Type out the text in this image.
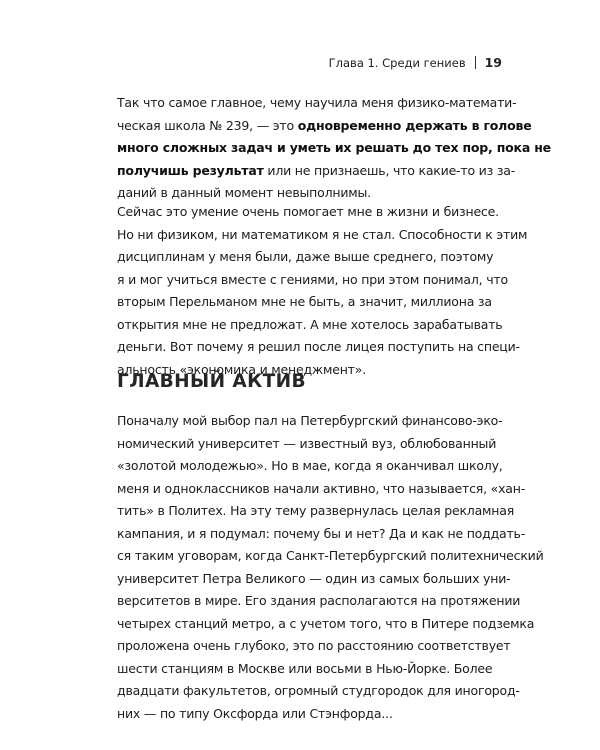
Глава 1. Среди гениев 19

Так что самое главное, чему научила меня физико-математи-
ческая школа № 239, — это одновременно держать в голове
много сложных задач и уметь их решать до тех пор, пока не
получишь результат или не признаешь, что какие-то из за-
даний в данный момент невыполнимы.

Сейчас это умение очень помогает мне в жизни и бизнесе.
Но ни физиком, ни математиком я не стал. Способности к этим
дисциплинам у меня были, даже выше среднего, поэтому
я и мог учиться вместе с гениями, но при этом понимал, что
вторым Перельманом мне не быть, а значит, миллиона за
открытия мне не предложат. А мне хотелось зарабатывать
деньги. Вот почему я решил после лицея поступить на специ-
альность «экономика и менеджмент».

ГЛАВНЫЙ АКТИВ

Поначалу мой выбор пал на Петербургский финансово-эко-
номический университет — известный вуз, облюбованный
«золотой молодежью». Но в мае, когда я оканчивал школу,
меня и одноклассников начали активно, что называется, «хан-
тить» в Политех. На эту тему развернулась целая рекламная
кампания, и я подумал: почему бы и нет? Да и как не поддать-
ся таким уговорам, когда Санкт-Петербургский политехнический
университет Петра Великого — один из самых больших уни-
верситетов в мире. Его здания располагаются на протяжении
четырех станций метро, а с учетом того, что в Питере подземка
проложена очень глубоко, это по расстоянию соответствует
шести станциям в Москве или восьми в Нью-Йорке. Более
двадцати факультетов, огромный студгородок для иногород-
них — по типу Оксфорда или Стэнфорда...
